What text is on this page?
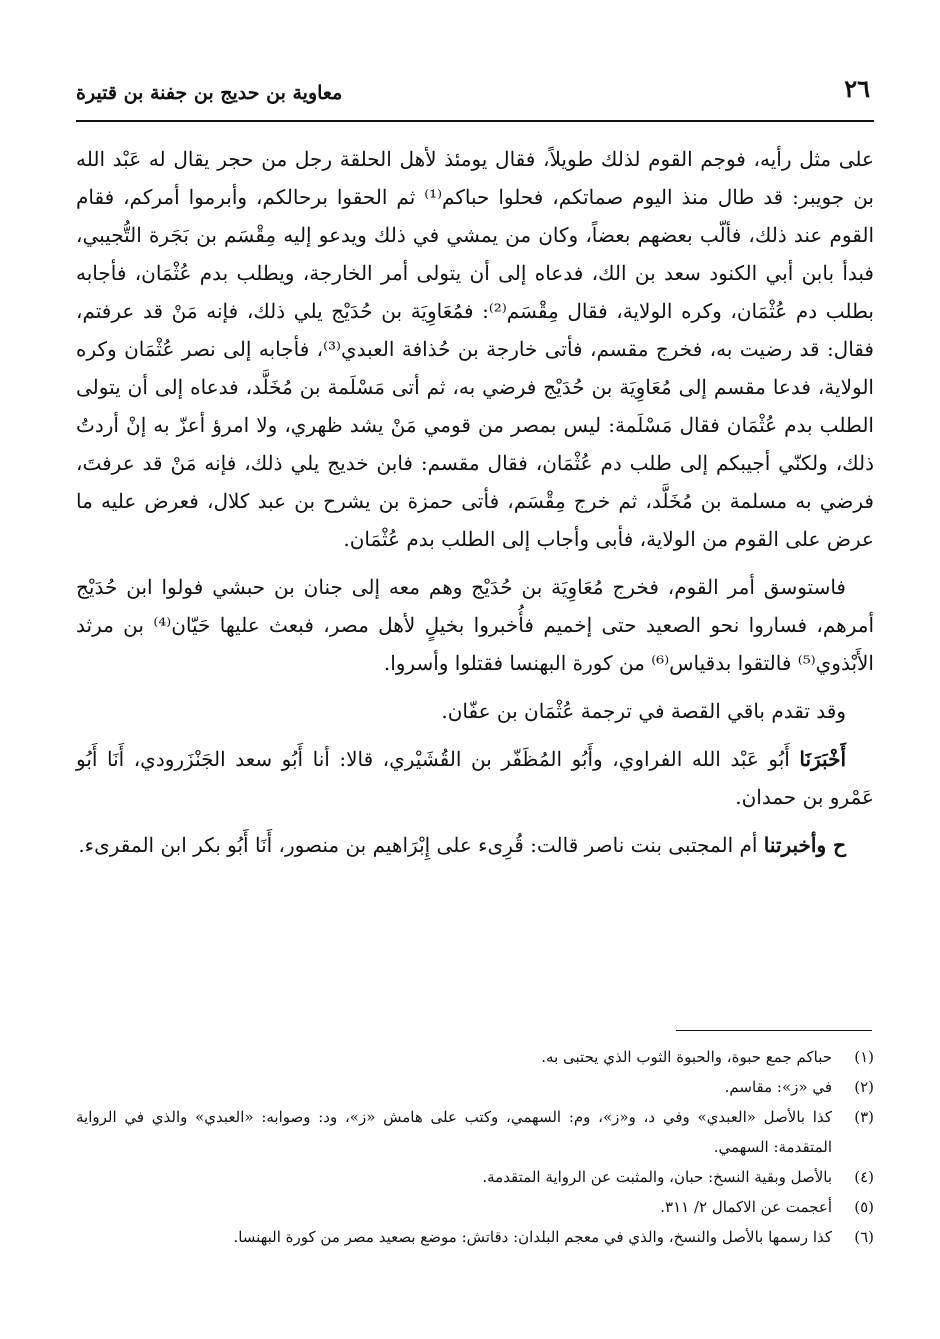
٢٦
معاوية بن حديج بن جفنة بن قتيرة

على مثل رأيه، فوجم القوم لذلك طويلاً، فقال يومئذ لأهل الحلقة رجل من حجر يقال له عَبْد الله بن جويبر: قد طال منذ اليوم صماتكم، فحلوا حباكم⁽¹⁾ ثم الحقوا برحالكم، وأبرموا أمركم، فقام القوم عند ذلك، فألّب بعضهم بعضاً، وكان من يمشي في ذلك ويدعو إليه مِقْسَم بن بَجَرة التُّجيبي، فبدأ بابن أبي الكنود سعد بن الك، فدعاه إلى أن يتولى أمر الخارجة، ويطلب بدم عُثْمَان، فأجابه بطلب دم عُثْمَان، وكره الولاية، فقال مِقْسَم⁽²⁾: فمُعَاوِيَة بن حُدَيْج يلي ذلك، فإنه مَنْ قد عرفتم، فقال: قد رضيت به، فخرج مقسم، فأتى خارجة بن حُذافة العبدي⁽³⁾، فأجابه إلى نصر عُثْمَان وكره الولاية، فدعا مقسم إلى مُعَاوِيَة بن حُدَيْج فرضي به، ثم أتى مَسْلَمة بن مُخَلَّد، فدعاه إلى أن يتولى الطلب بدم عُثْمَان فقال مَسْلَمة: ليس بمصر من قومي مَنْ يشد ظهري، ولا امرؤ أعزّ به إنْ أردتُ ذلك، ولكنّي أجيبكم إلى طلب دم عُثْمَان، فقال مقسم: فابن خديج يلي ذلك، فإنه مَنْ قد عرفتَ، فرضي به مسلمة بن مُخَلَّد، ثم خرج مِقْسَم، فأتى حمزة بن يشرح بن عبد كلال، فعرض عليه ما عرض على القوم من الولاية، فأبى وأجاب إلى الطلب بدم عُثْمَان.

فاستوسق أمر القوم، فخرج مُعَاوِيَة بن حُدَيْج وهم معه إلى جنان بن حبشي فولوا ابن حُدَيْج أمرهم، فساروا نحو الصعيد حتى إخميم فأُخبروا بخيلٍ لأهل مصر، فبعث عليها حَيّان⁽⁴⁾ بن مرثد الأَبْذوي⁽⁵⁾ فالتقوا بدقياس⁽⁶⁾ من كورة البهنسا فقتلوا وأسروا.

وقد تقدم باقي القصة في ترجمة عُثْمَان بن عفّان.

أَخْبَرَنَا أَبُو عَبْد الله الفراوي، وأَبُو المُظَفّر بن القُشَيْري، قالا: أنا أَبُو سعد الجَنْزَرودي، أَنَا أَبُو عَمْرو بن حمدان.

ح وأخبرتنا أم المجتبى بنت ناصر قالت: قُرِىء على إِبْرَاهيم بن منصور، أَنَا أَبُو بكر ابن المقرىء.

(١)
حباكم جمع حبوة، والحبوة الثوب الذي يحتبى به.
(٢)
في «ز»: مقاسم.
(٣)
كذا بالأصل «العبدي» وفي د، و«ز»، وم: السهمي، وكتب على هامش «ز»، ود: وصوابه: «العبدي» والذي في الرواية المتقدمة: السهمي.
(٤)
بالأصل وبقية النسخ: حبان، والمثبت عن الرواية المتقدمة.
(٥)
أعجمت عن الاكمال ٢/ ٣١١.
(٦)
كذا رسمها بالأصل والنسخ، والذي في معجم البلدان: دقاتش: موضع بصعيد مصر من كورة البهنسا.
